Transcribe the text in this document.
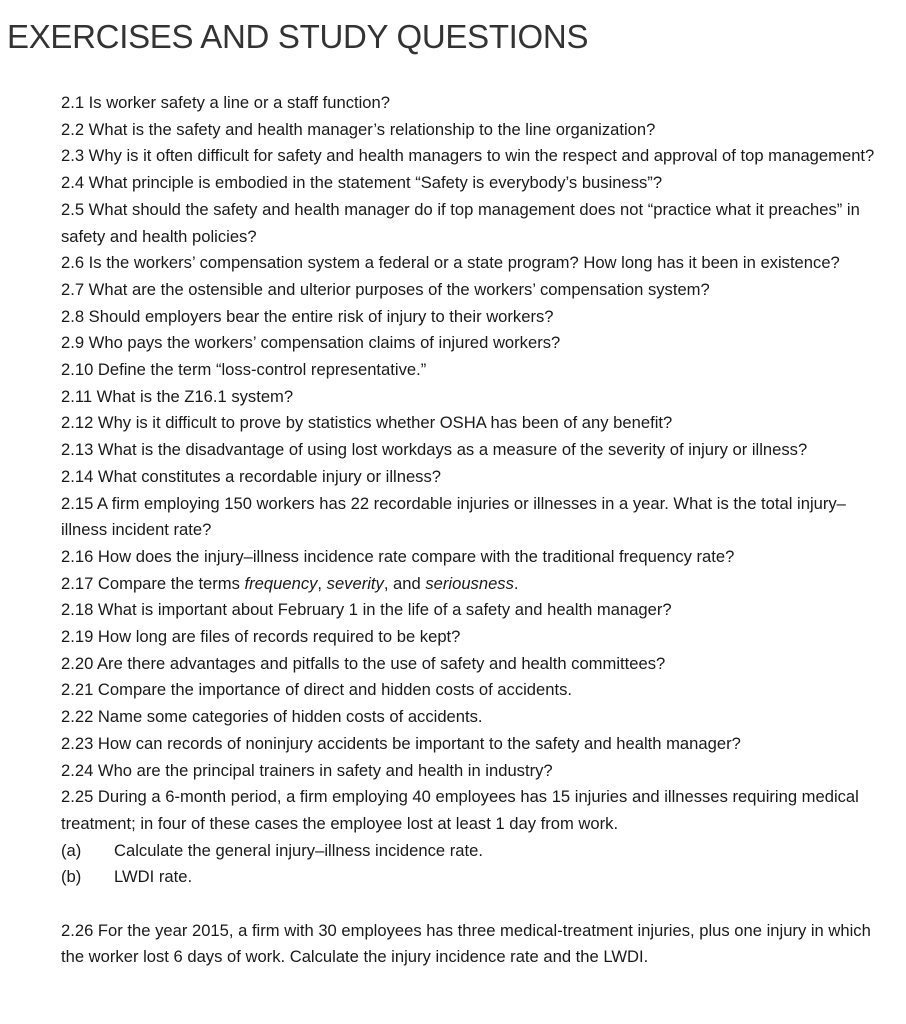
EXERCISES AND STUDY QUESTIONS

2.1 Is worker safety a line or a staff function?

2.2 What is the safety and health manager’s relationship to the line organization?

2.3 Why is it often difficult for safety and health managers to win the respect and approval of top management?

2.4 What principle is embodied in the statement “Safety is everybody’s business”?

2.5 What should the safety and health manager do if top management does not “practice what it preaches” in safety and health policies?

2.6 Is the workers’ compensation system a federal or a state program? How long has it been in existence?

2.7 What are the ostensible and ulterior purposes of the workers’ compensation system?

2.8 Should employers bear the entire risk of injury to their workers?

2.9 Who pays the workers’ compensation claims of injured workers?

2.10 Define the term “loss-control representative.”

2.11 What is the Z16.1 system?

2.12 Why is it difficult to prove by statistics whether OSHA has been of any benefit?

2.13 What is the disadvantage of using lost workdays as a measure of the severity of injury or illness?

2.14 What constitutes a recordable injury or illness?

2.15 A firm employing 150 workers has 22 recordable injuries or illnesses in a year. What is the total injury–illness incident rate?

2.16 How does the injury–illness incidence rate compare with the traditional frequency rate?

2.17 Compare the terms frequency, severity, and seriousness.

2.18 What is important about February 1 in the life of a safety and health manager?

2.19 How long are files of records required to be kept?

2.20 Are there advantages and pitfalls to the use of safety and health committees?

2.21 Compare the importance of direct and hidden costs of accidents.

2.22 Name some categories of hidden costs of accidents.

2.23 How can records of noninjury accidents be important to the safety and health manager?

2.24 Who are the principal trainers in safety and health in industry?

2.25 During a 6-month period, a firm employing 40 employees has 15 injuries and illnesses requiring medical treatment; in four of these cases the employee lost at least 1 day from work.

(a)	Calculate the general injury–illness incidence rate.
(b)	LWDI rate.

2.26 For the year 2015, a firm with 30 employees has three medical-treatment injuries, plus one injury in which the worker lost 6 days of work. Calculate the injury incidence rate and the LWDI.
